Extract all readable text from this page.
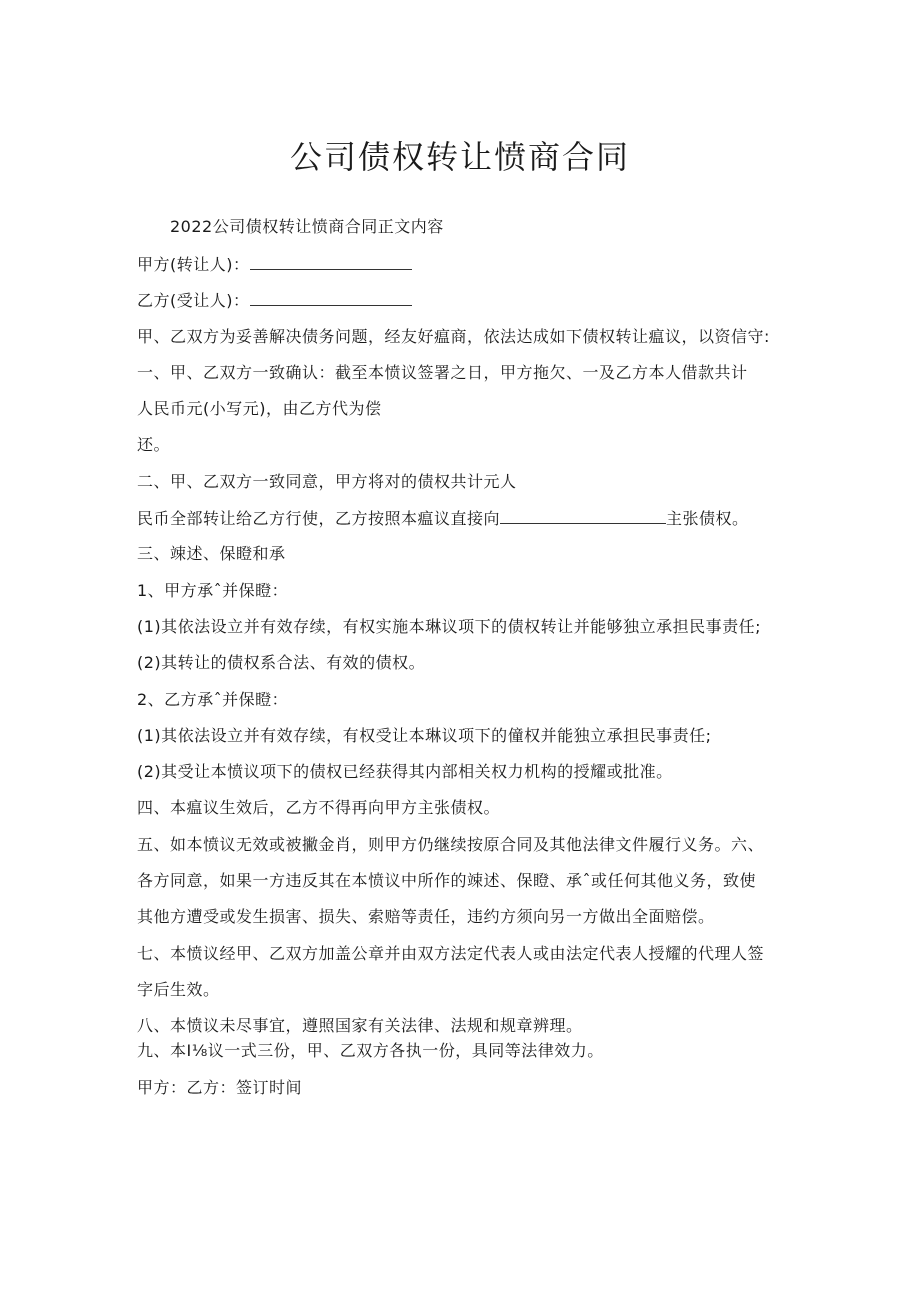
公司债权转让愤商合同

2022公司债权转让愤商合同正文内容

甲方(转让人)：

乙方(受让人)：

甲、乙双方为妥善解决债务问题，经友好瘟商，依法达成如下债权转让瘟议，以资信守:

一、甲、乙双方一致确认：截至本愤议签署之日，甲方拖欠、一及乙方本人借款共计

人民币元(小写元)，由乙方代为偿

还。

二、甲、乙双方一致同意，甲方将对的债权共计元人

民币全部转让给乙方行使，乙方按照本瘟议直接向	主张债权。

三、竦述、保瞪和承

1、甲方承ˆ并保瞪：

(1)其依法设立并有效存续，有权实施本琳议项下的债权转让并能够独立承担民事责任;

(2)其转让的债权系合法、有效的债权。

2、乙方承ˆ并保瞪：

(1)其依法设立并有效存续，有权受让本琳议项下的僮权并能独立承担民事责任;

(2)其受让本愤议项下的债权已经获得其内部相关权力机构的授耀或批准。

四、本瘟议生效后，乙方不得再向甲方主张债权。

五、如本愤议无效或被撇金肖，则甲方仍继续按原合同及其他法律文件履行义务。六、

各方同意，如果一方违反其在本愤议中所作的竦述、保瞪、承ˆ或任何其他义务，致使

其他方遭受或发生损害、损失、索赔等责任，违约方须向另一方做出全面赔偿。

七、本愤议经甲、乙双方加盖公章并由双方法定代表人或由法定代表人授耀的代理人签

字后生效。

八、本愤议未尽事宜，遵照国家有关法律、法规和规章辨理。

九、本I⅛议一式三份，甲、乙双方各执一份，具同等法律效力。

甲方：乙方：签订时间
